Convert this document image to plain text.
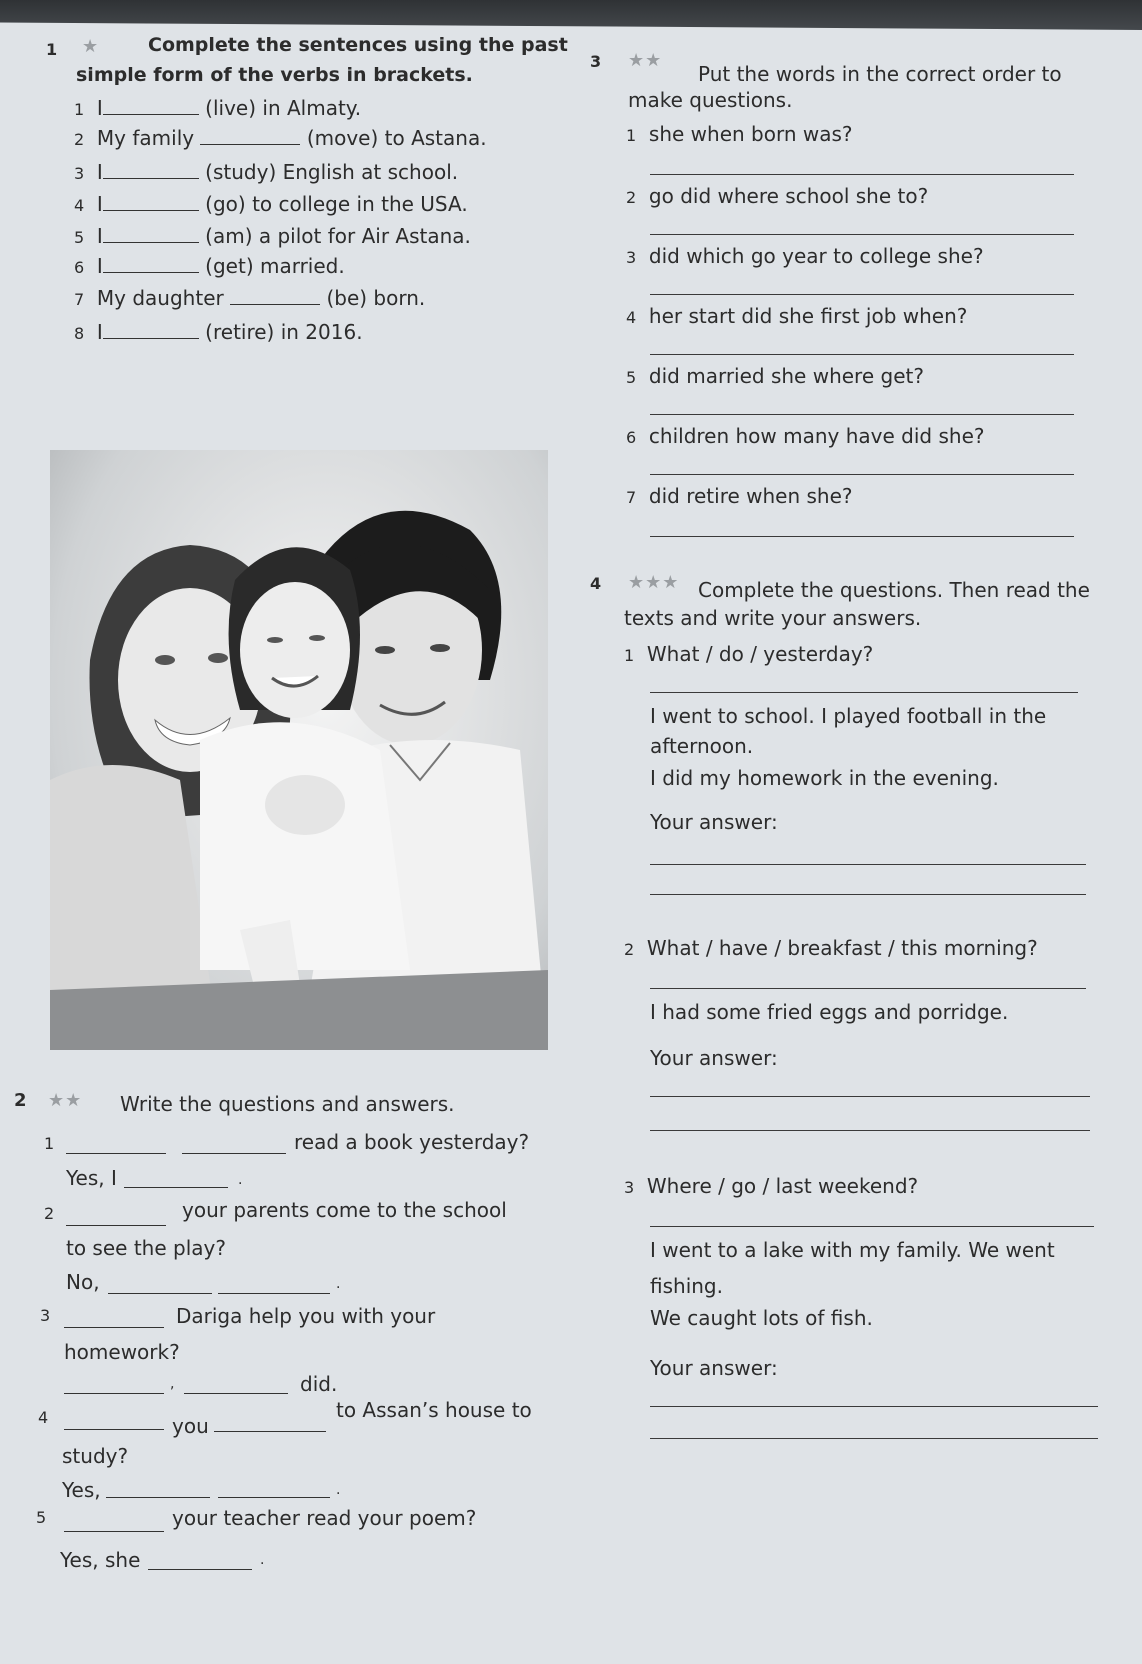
1 ★	Complete the sentences using the past
simple form of the verbs in brackets.
1 I	(live) in Almaty.
2 My family	(move) to Astana.
3 I	(study) English at school.
4 I	(go) to college in the USA.
5 I	(am) a pilot for Air Astana.
6 I	(get) married.
7 My daughter	(be) born.
8 I	(retire) in 2016.
2 ★★ Write the questions and answers.
1	read a book yesterday?
Yes, I	.
2	your parents come to the school
to see the play?
No,	.
3	Dariga help you with your
homework?
,	did.
4	you
to Assan’s house to
study?
Yes,	.
5	your teacher read your poem?
Yes, she	.
3 ★★
Put the words in the correct order to
make questions.
1 she when born was?
2 go did where school she to?
3 did which go year to college she?
4 her start did she first job when?
5 did married she where get?
6 children how many have did she?
7 did retire when she?
4 ★★★ Complete the questions. Then read the
texts and write your answers.
1 What / do / yesterday?
I went to school. I played football in the
afternoon.
I did my homework in the evening.
Your answer:
2 What / have / breakfast / this morning?
I had some fried eggs and porridge.
Your answer:
3 Where / go / last weekend?
I went to a lake with my family. We went
fishing.
We caught lots of fish.
Your answer:
